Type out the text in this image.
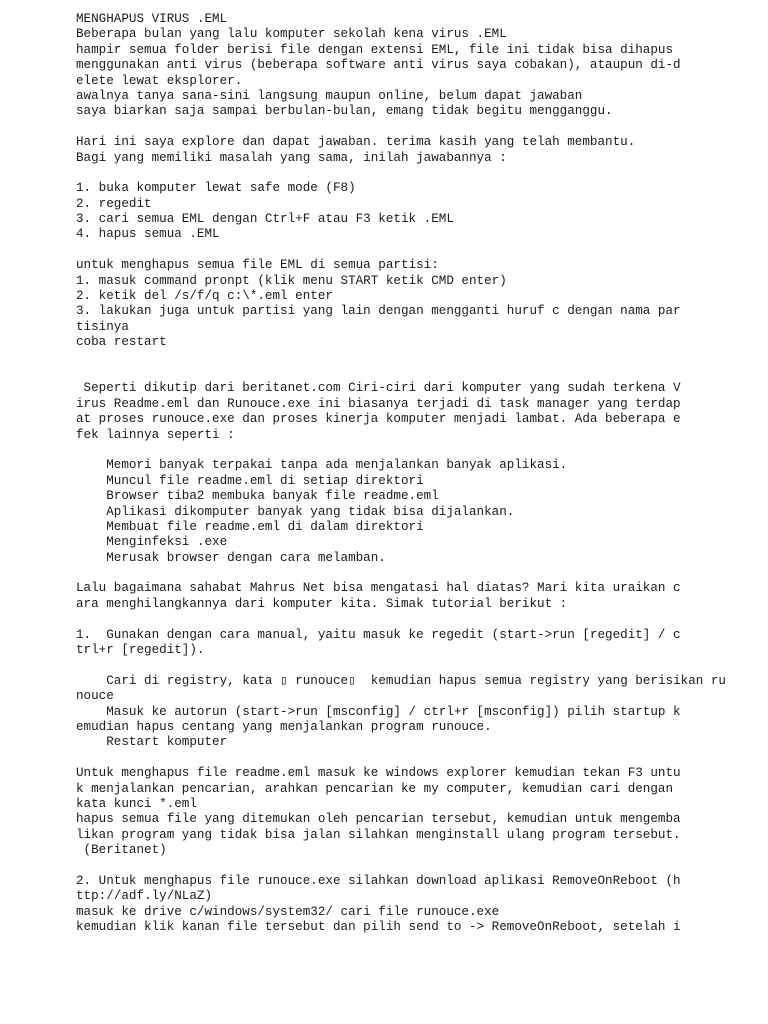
MENGHAPUS VIRUS .EML
Beberapa bulan yang lalu komputer sekolah kena virus .EML
hampir semua folder berisi file dengan extensi EML, file ini tidak bisa dihapus
menggunakan anti virus (beberapa software anti virus saya cobakan), ataupun di-d
elete lewat eksplorer.
awalnya tanya sana-sini langsung maupun online, belum dapat jawaban
saya biarkan saja sampai berbulan-bulan, emang tidak begitu mengganggu.
Hari ini saya explore dan dapat jawaban. terima kasih yang telah membantu.
Bagi yang memiliki masalah yang sama, inilah jawabannya :
1. buka komputer lewat safe mode (F8)
2. regedit
3. cari semua EML dengan Ctrl+F atau F3 ketik .EML
4. hapus semua .EML
untuk menghapus semua file EML di semua partisi:
1. masuk command pronpt (klik menu START ketik CMD enter)
2. ketik del /s/f/q c:\*.eml enter
3. lakukan juga untuk partisi yang lain dengan mengganti huruf c dengan nama par
tisinya
coba restart
Seperti dikutip dari beritanet.com Ciri-ciri dari komputer yang sudah terkena V
irus Readme.eml dan Runouce.exe ini biasanya terjadi di task manager yang terdap
at proses runouce.exe dan proses kinerja komputer menjadi lambat. Ada beberapa e
fek lainnya seperti :
Memori banyak terpakai tanpa ada menjalankan banyak aplikasi.
Muncul file readme.eml di setiap direktori
Browser tiba2 membuka banyak file readme.eml
Aplikasi dikomputer banyak yang tidak bisa dijalankan.
Membuat file readme.eml di dalam direktori
Menginfeksi .exe
Merusak browser dengan cara melamban.
Lalu bagaimana sahabat Mahrus Net bisa mengatasi hal diatas? Mari kita uraikan c
ara menghilangkannya dari komputer kita. Simak tutorial berikut :
1.  Gunakan dengan cara manual, yaitu masuk ke regedit (start->run [regedit] / c
trl+r [regedit]).
Cari di registry, kata ▯ runouce▯  kemudian hapus semua registry yang berisikan ru
nouce
Masuk ke autorun (start->run [msconfig] / ctrl+r [msconfig]) pilih startup k
emudian hapus centang yang menjalankan program runouce.
Restart komputer
Untuk menghapus file readme.eml masuk ke windows explorer kemudian tekan F3 untu
k menjalankan pencarian, arahkan pencarian ke my computer, kemudian cari dengan
kata kunci *.eml
hapus semua file yang ditemukan oleh pencarian tersebut, kemudian untuk mengemba
likan program yang tidak bisa jalan silahkan menginstall ulang program tersebut.
(Beritanet)
2. Untuk menghapus file runouce.exe silahkan download aplikasi RemoveOnReboot (h
ttp://adf.ly/NLaZ)
masuk ke drive c/windows/system32/ cari file runouce.exe
kemudian klik kanan file tersebut dan pilih send to -> RemoveOnReboot, setelah i
